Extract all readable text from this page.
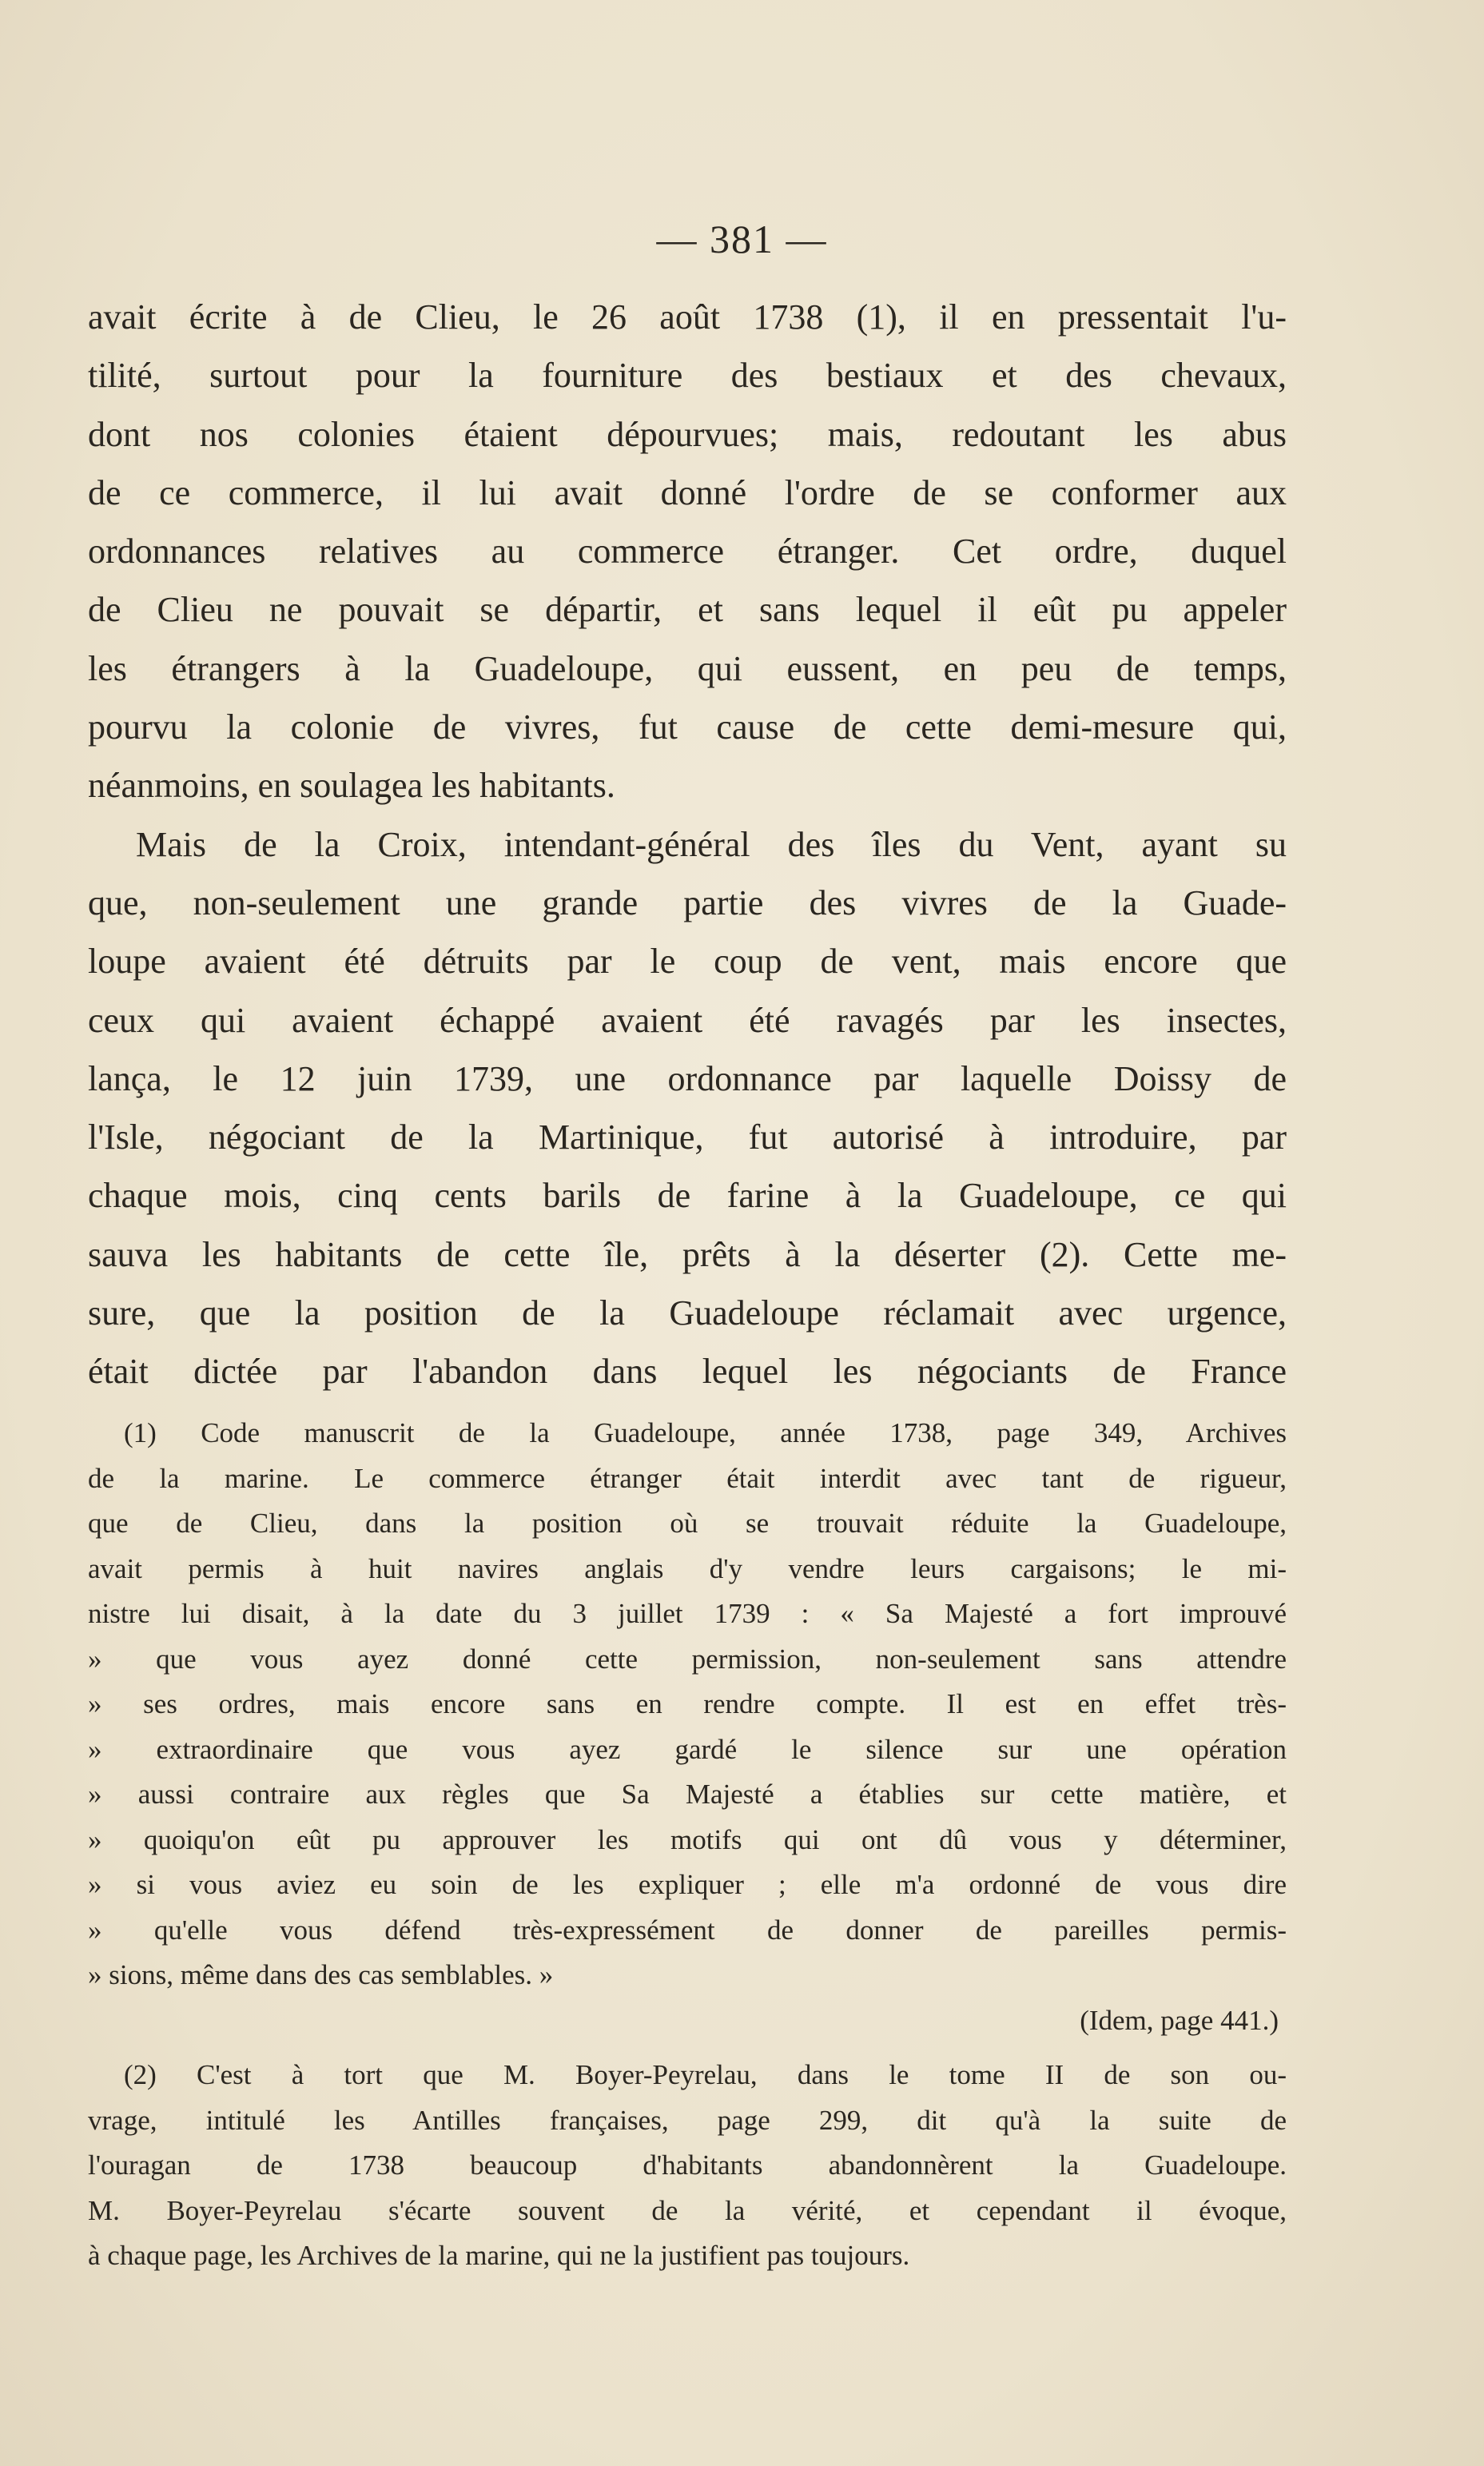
— 381 —
avait écrite à de Clieu, le 26 août 1738 (1), il en pressentait l'u-
tilité, surtout pour la fourniture des bestiaux et des chevaux,
dont nos colonies étaient dépourvues; mais, redoutant les abus
de ce commerce, il lui avait donné l'ordre de se conformer aux
ordonnances relatives au commerce étranger. Cet ordre, duquel
de Clieu ne pouvait se départir, et sans lequel il eût pu appeler
les étrangers à la Guadeloupe, qui eussent, en peu de temps,
pourvu la colonie de vivres, fut cause de cette demi-mesure qui,
néanmoins, en soulagea les habitants.
Mais de la Croix, intendant-général des îles du Vent, ayant su
que, non-seulement une grande partie des vivres de la Guade-
loupe avaient été détruits par le coup de vent, mais encore que
ceux qui avaient échappé avaient été ravagés par les insectes,
lança, le 12 juin 1739, une ordonnance par laquelle Doissy de
l'Isle, négociant de la Martinique, fut autorisé à introduire, par
chaque mois, cinq cents barils de farine à la Guadeloupe, ce qui
sauva les habitants de cette île, prêts à la déserter (2). Cette me-
sure, que la position de la Guadeloupe réclamait avec urgence,
était dictée par l'abandon dans lequel les négociants de France
(1) Code manuscrit de la Guadeloupe, année 1738, page 349, Archives
de la marine. Le commerce étranger était interdit avec tant de rigueur,
que de Clieu, dans la position où se trouvait réduite la Guadeloupe,
avait permis à huit navires anglais d'y vendre leurs cargaisons; le mi-
nistre lui disait, à la date du 3 juillet 1739 : « Sa Majesté a fort improuvé
» que vous ayez donné cette permission, non-seulement sans attendre
» ses ordres, mais encore sans en rendre compte. Il est en effet très-
» extraordinaire que vous ayez gardé le silence sur une opération
» aussi contraire aux règles que Sa Majesté a établies sur cette matière, et
» quoiqu'on eût pu approuver les motifs qui ont dû vous y déterminer,
» si vous aviez eu soin de les expliquer ; elle m'a ordonné de vous dire
» qu'elle vous défend très-expressément de donner de pareilles permis-
» sions, même dans des cas semblables. »
(Idem, page 441.)
(2) C'est à tort que M. Boyer-Peyrelau, dans le tome II de son ou-
vrage, intitulé les Antilles françaises, page 299, dit qu'à la suite de
l'ouragan de 1738 beaucoup d'habitants abandonnèrent la Guadeloupe.
M. Boyer-Peyrelau s'écarte souvent de la vérité, et cependant il évoque,
à chaque page, les Archives de la marine, qui ne la justifient pas toujours.
